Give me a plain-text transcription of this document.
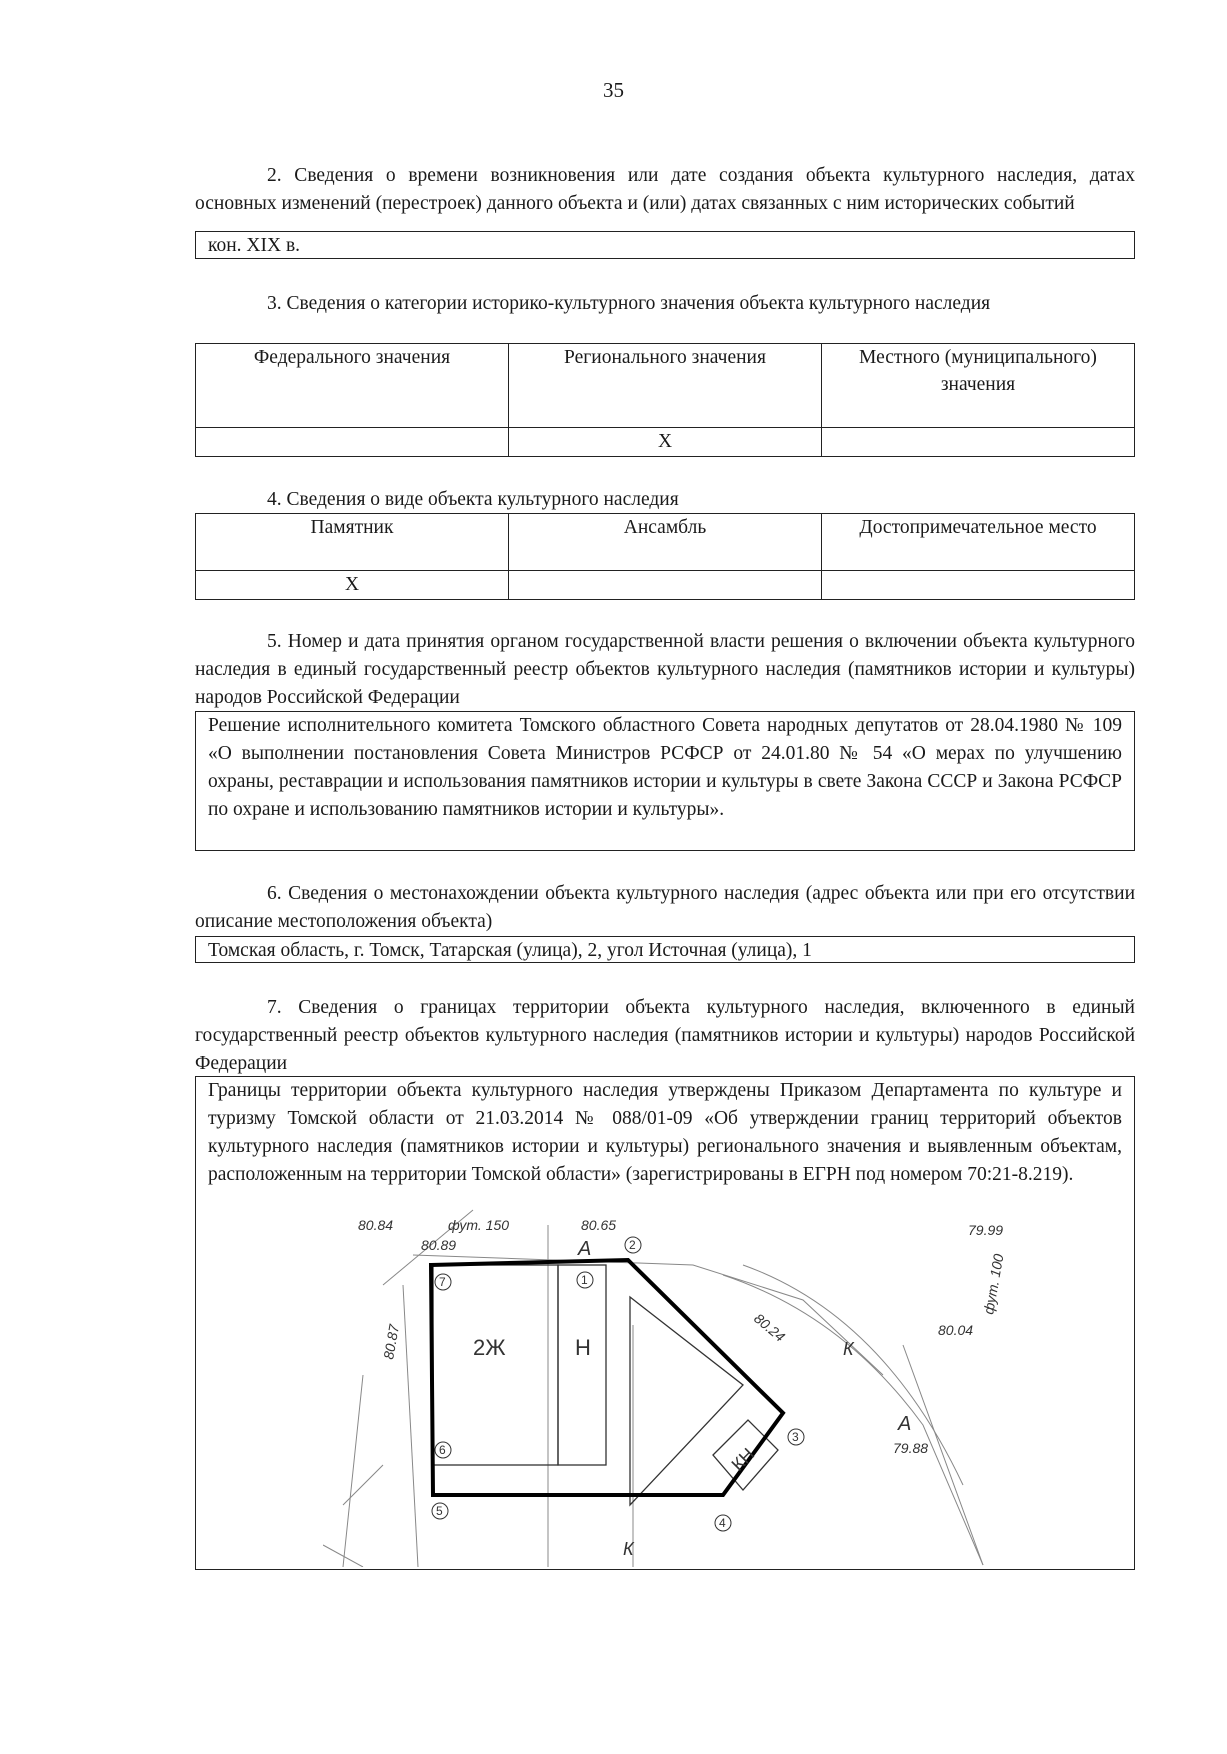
35
2. Сведения о времени возникновения или дате создания объекта культурного наследия, датах основных изменений (перестроек) данного объекта и (или) датах связанных с ним исторических событий
кон. XIX в.
3. Сведения о категории историко-культурного значения объекта культурного наследия
Федерального значения	Регионального значения	Местного (муниципального) значения
	X	
4. Сведения о виде объекта культурного наследия
Памятник	Ансамбль	Достопримечательное место
X		
5. Номер и дата принятия органом государственной власти решения о включении объекта культурного наследия в единый государственный реестр объектов культурного наследия (памятников истории и культуры) народов Российской Федерации
Решение исполнительного комитета Томского областного Совета народных депутатов от 28.04.1980 № 109 «О выполнении постановления Совета Министров РСФСР от 24.01.80 № 54 «О мерах по улучшению охраны, реставрации и использования памятников истории и культуры в свете Закона СССР и Закона РСФСР по охране и использованию памятников истории и культуры».
6. Сведения о местонахождении объекта культурного наследия (адрес объекта или при его отсутствии описание местоположения объекта)
Томская область, г. Томск, Татарская (улица), 2, угол Источная (улица), 1
7. Сведения о границах территории объекта культурного наследия, включенного в единый государственный реестр объектов культурного наследия (памятников истории и культуры) народов Российской Федерации
Границы территории объекта культурного наследия утверждены Приказом Департамента по культуре и туризму Томской области от 21.03.2014 № 088/01-09 «Об утверждении границ территорий объектов культурного наследия (памятников истории и культуры) регионального значения и выявленным объектам, расположенным на территории Томской области» (зарегистрированы в ЕГРН под номером 70:21-8.219).
80.84	80.65
80.89
79.99
80.24	80.04
79.88
80.87
фут. 150
фут. 100
А
А
К
К
2Ж	Н
КН
1
2
3
4
5
6
7
